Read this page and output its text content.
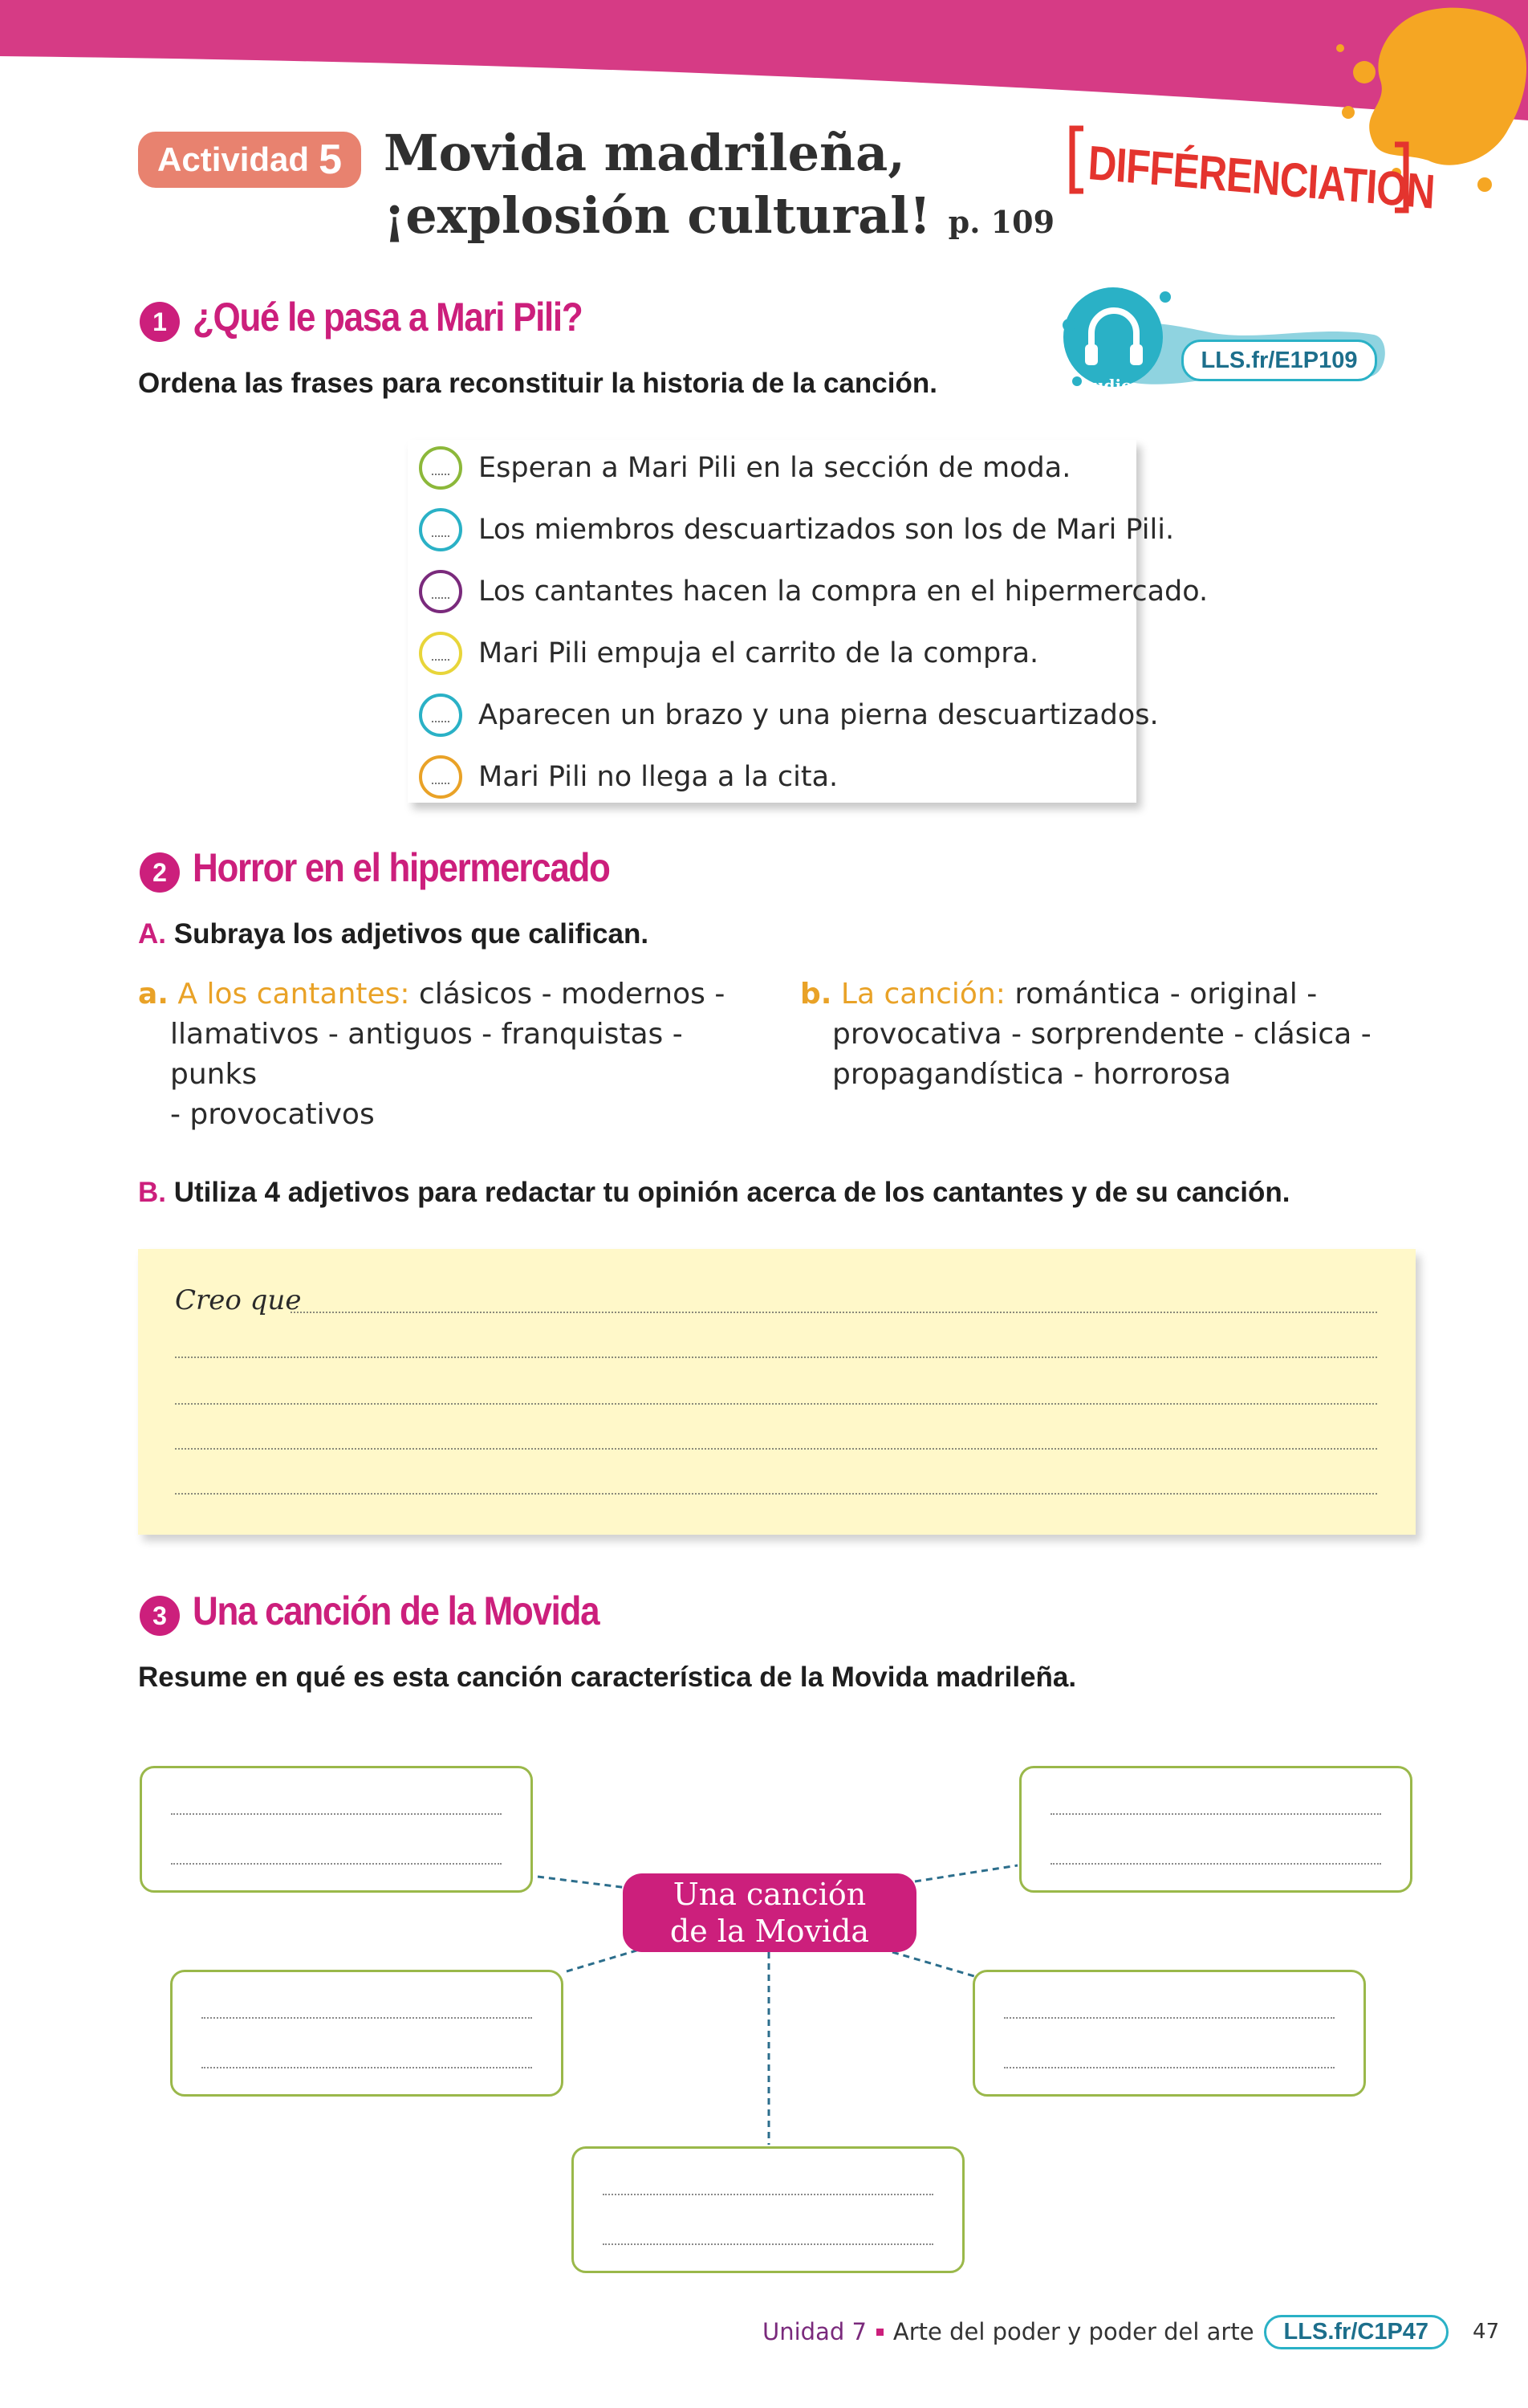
Actividad 5 Movida madrileña,
¡explosión cultural! p. 109
DIFFÉRENCIATION
1 ¿Qué le pasa a Mari Pili?
Ordena las frases para reconstituir la historia de la canción.	audio
LLS.fr/E1P109
Esperan a Mari Pili en la sección de moda.
Los miembros descuartizados son los de Mari Pili.
Los cantantes hacen la compra en el hipermercado.
Mari Pili empuja el carrito de la compra.
Aparecen un brazo y una pierna descuartizados.
Mari Pili no llega a la cita.
2 Horror en el hipermercado
A. Subraya los adjetivos que califican.
a. A los cantantes: clásicos - modernos -
llamativos - antiguos - franquistas - punks
- provocativos
b. La canción: romántica - original -
provocativa - sorprendente - clásica -
propagandística - horrorosa
B. Utiliza 4 adjetivos para redactar tu opinión acerca de los cantantes y de su canción.
Creo que
3 Una canción de la Movida
Resume en qué es esta canción característica de la Movida madrileña.
Una canción
de la Movida
Unidad 7 Arte del poder y poder del arte	LLS.fr/C1P47	47
